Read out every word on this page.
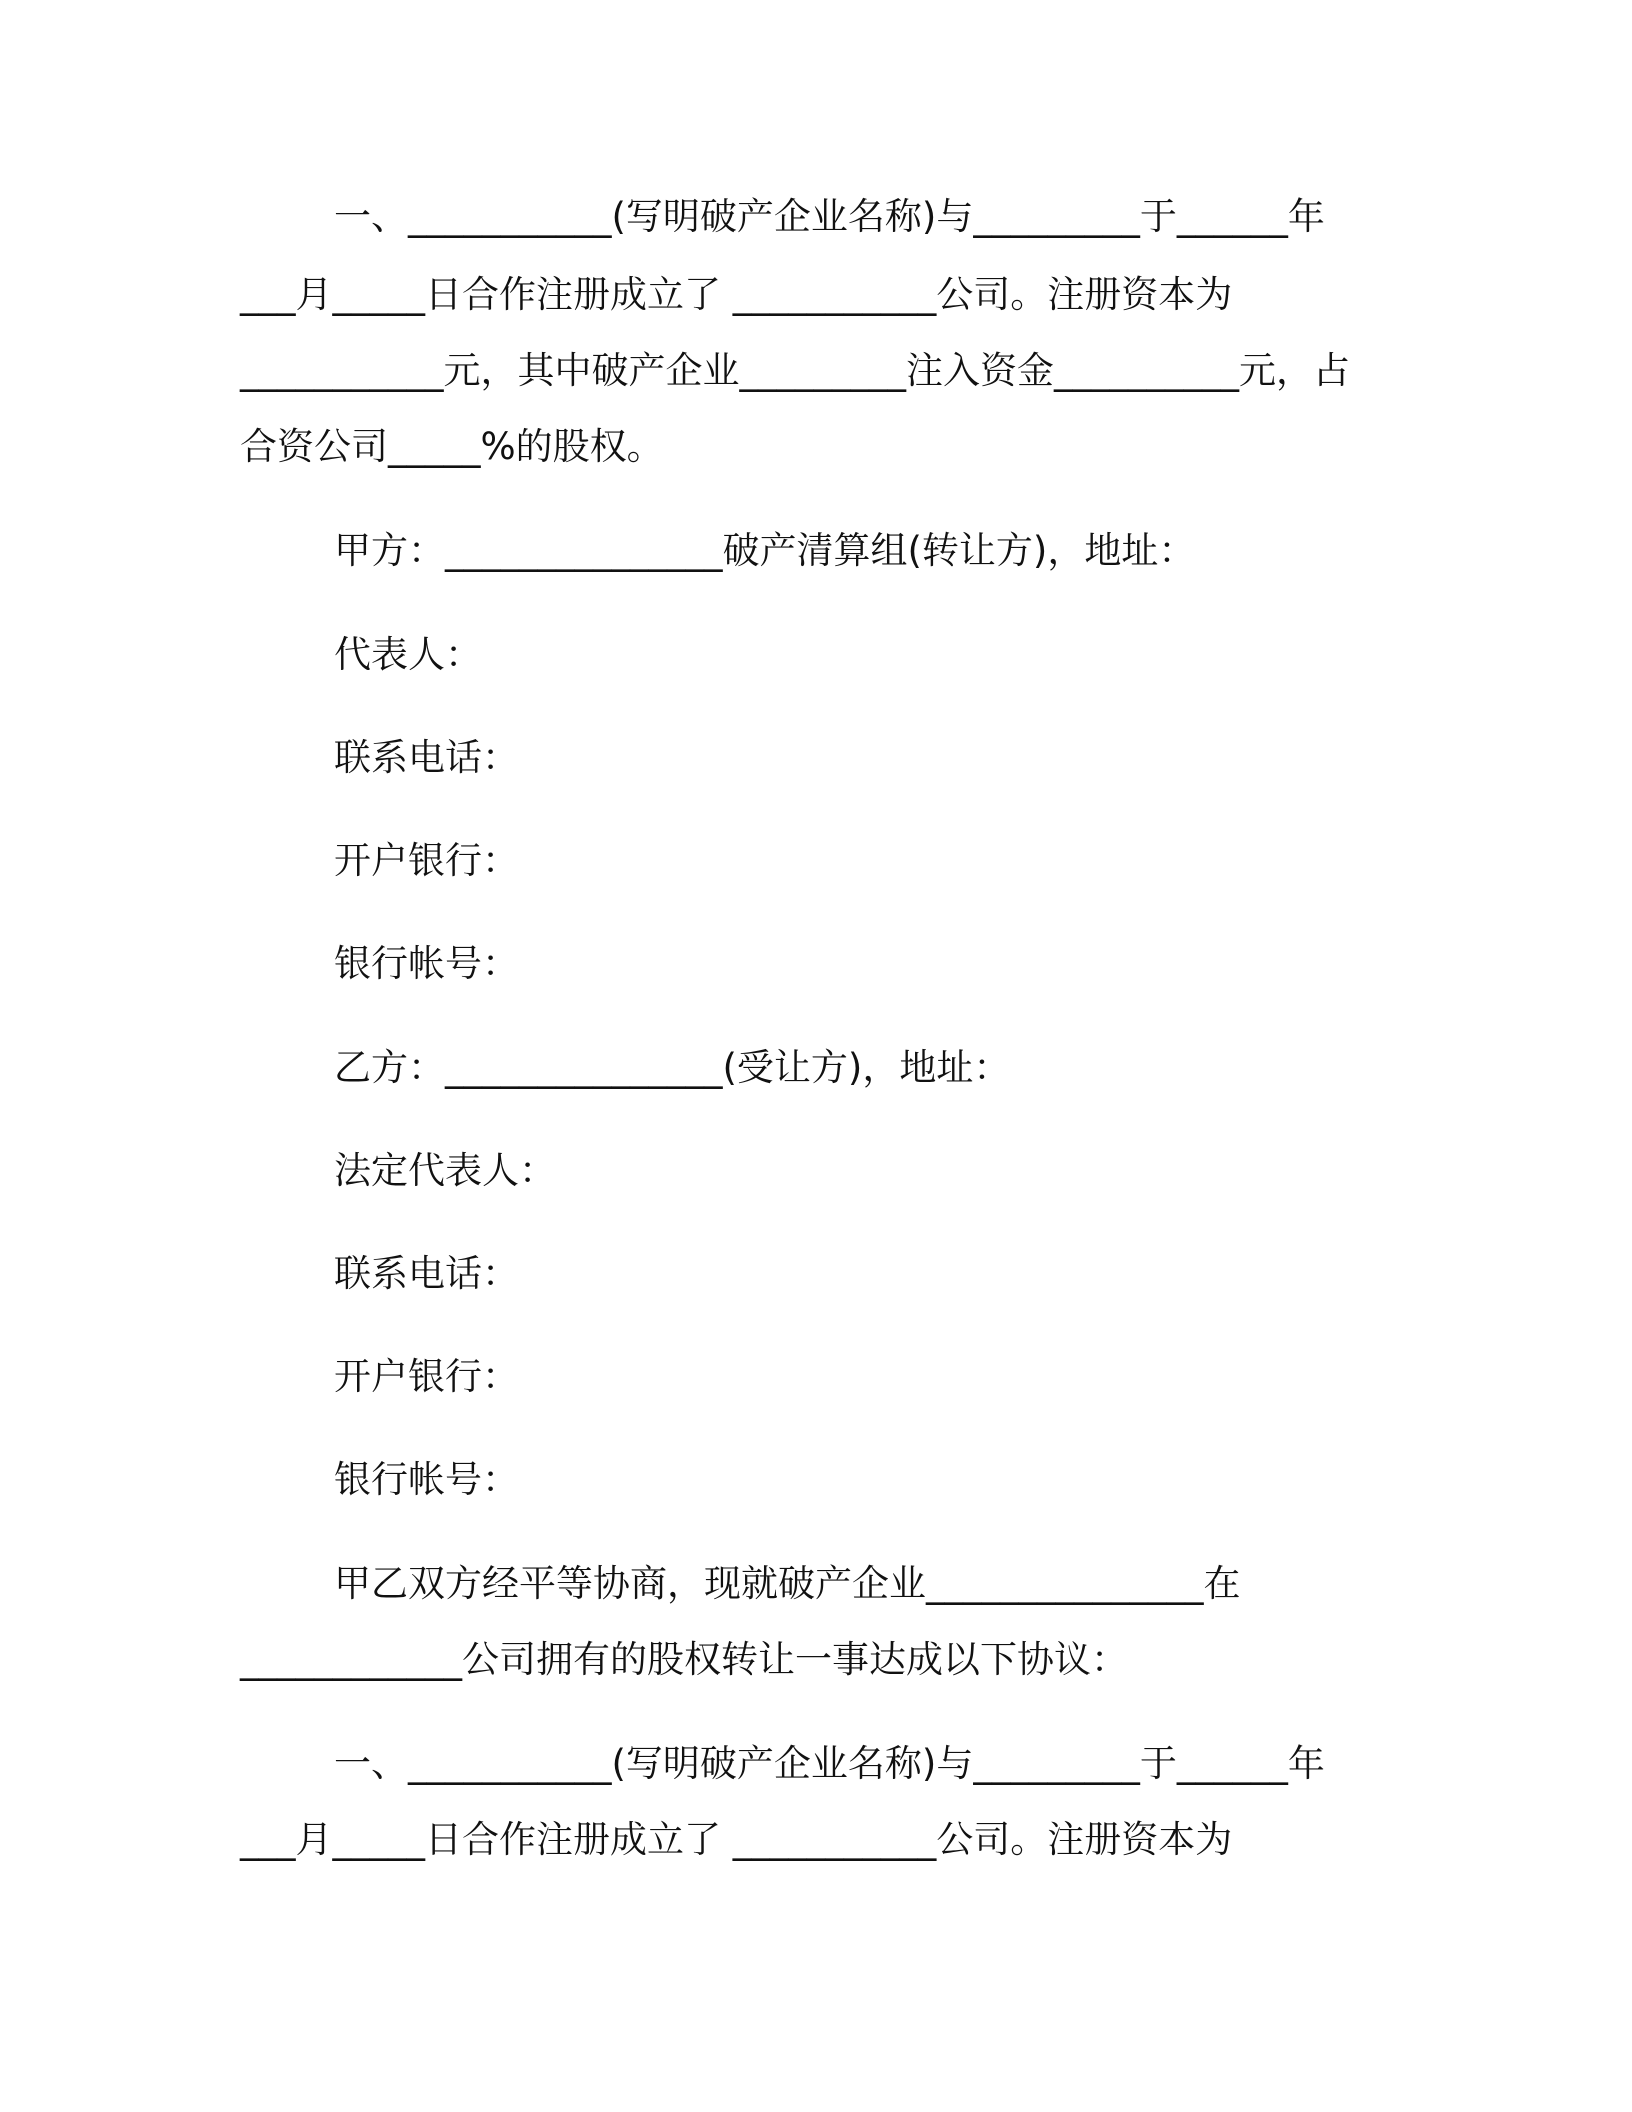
一、___________(写明破产企业名称)与_________于______年
___月_____日合作注册成立了 ___________公司。注册资本为
___________元，其中破产企业_________注入资金__________元，占
合资公司_____%的股权。
甲方：_______________破产清算组(转让方)，地址：
代表人：
联系电话：
开户银行：
银行帐号：
乙方：_______________(受让方)，地址：
法定代表人：
联系电话：
开户银行：
银行帐号：
甲乙双方经平等协商，现就破产企业_______________在
____________公司拥有的股权转让一事达成以下协议：
一、___________(写明破产企业名称)与_________于______年
___月_____日合作注册成立了 ___________公司。注册资本为
